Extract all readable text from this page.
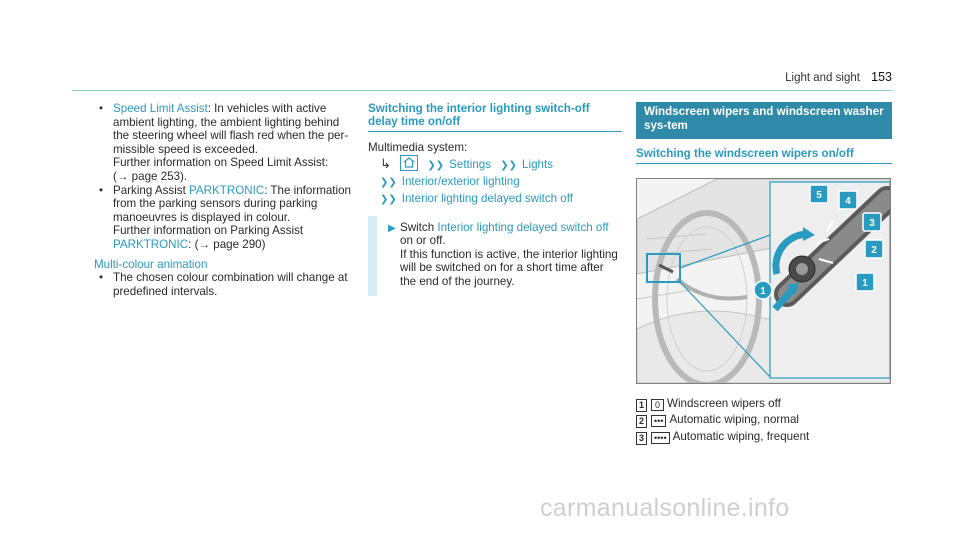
Light and sight 153
• Speed Limit Assist: In vehicles with active ambient lighting, the ambient lighting behind the steering wheel will flash red when the per-missible speed is exceeded.
Further information on Speed Limit Assist:
(→ page 253).
• Parking Assist PARKTRONIC: The information from the parking sensors during parking manoeuvres is displayed in colour.
Further information on Parking Assist
PARKTRONIC: (→ page 290)
Multi-colour animation
• The chosen colour combination will change at predefined intervals.
Switching the interior lighting switch-off delay time on/off
Multimedia system:
↳	❯❯ Settings ❯❯ Lights
❯❯ Interior/exterior lighting
❯❯ Interior lighting delayed switch off
▶ Switch Interior lighting delayed switch off on or off.
If this function is active, the interior lighting will be switched on for a short time after the end of the journey.
Windscreen wipers and windscreen washer sys-tem
Switching the windscreen wipers on/off
1
1
2
3
4
5
1 0 Windscreen wipers off
2 ••• Automatic wiping, normal
3 •••• Automatic wiping, frequent
carmanualsonline.info
